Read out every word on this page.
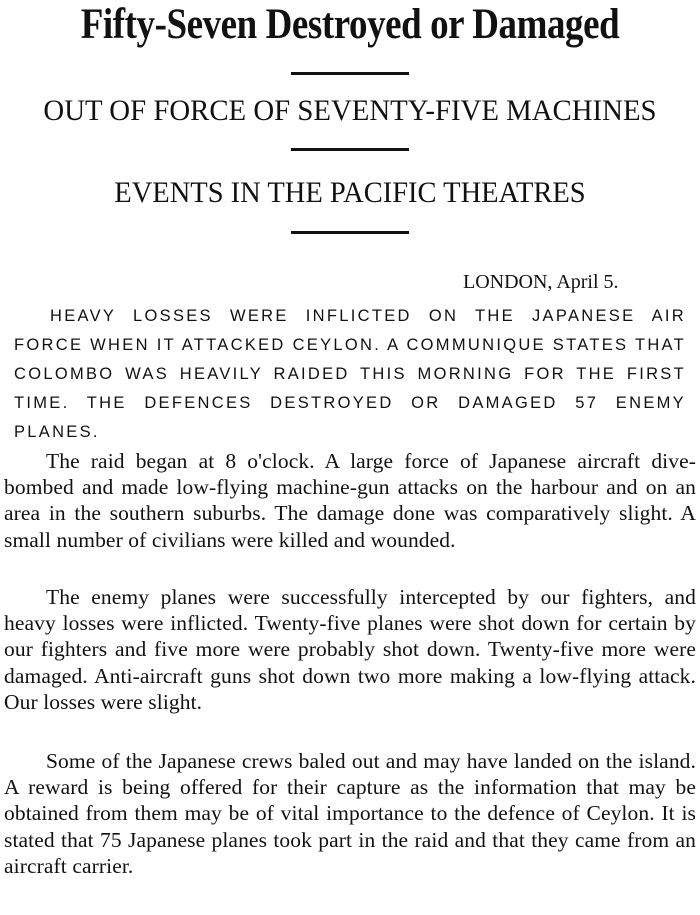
Fifty-Seven Destroyed or Damaged
OUT OF FORCE OF SEVENTY-FIVE MACHINES
EVENTS IN THE PACIFIC THEATRES
LONDON, April 5.

HEAVY LOSSES WERE INFLICTED ON THE JAPANESE AIR FORCE WHEN IT ATTACKED CEYLON. A COMMUNIQUE STATES THAT COLOMBO WAS HEAVILY RAIDED THIS MORNING FOR THE FIRST TIME. THE DEFENCES DESTROYED OR DAMAGED 57 ENEMY PLANES.

The raid began at 8 o'clock. A large force of Japanese aircraft dive-bombed and made low-flying machine-gun attacks on the harbour and on an area in the southern suburbs. The damage done was comparatively slight. A small number of civilians were killed and wounded.

The enemy planes were successfully intercepted by our fighters, and heavy losses were inflicted. Twenty-five planes were shot down for certain by our fighters and five more were probably shot down. Twenty-five more were damaged. Anti-aircraft guns shot down two more making a low-flying attack. Our losses were slight.

Some of the Japanese crews baled out and may have landed on the island. A reward is being offered for their capture as the information that may be obtained from them may be of vital importance to the defence of Ceylon. It is stated that 75 Japanese planes took part in the raid and that they came from an aircraft carrier.
